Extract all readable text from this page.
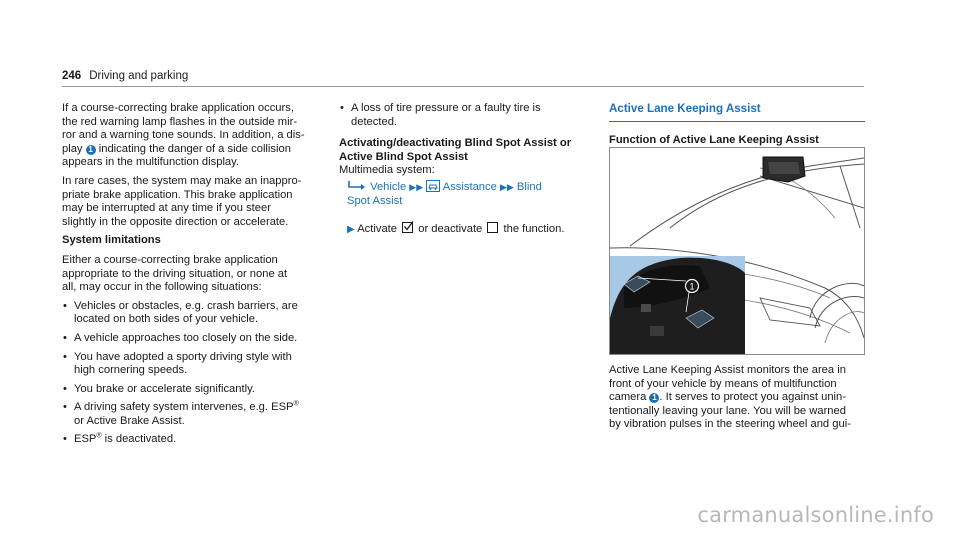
246 Driving and parking

If a course-correcting brake application occurs,
the red warning lamp flashes in the outside mir-
ror and a warning tone sounds. In addition, a dis-
play 1 indicating the danger of a side collision
appears in the multifunction display.

In rare cases, the system may make an inappro-
priate brake application. This brake application
may be interrupted at any time if you steer
slightly in the opposite direction or accelerate.

System limitations

Either a course-correcting brake application
appropriate to the driving situation, or none at
all, may occur in the following situations:

• Vehicles or obstacles, e.g. crash barriers, are
located on both sides of your vehicle.
• A vehicle approaches too closely on the side.
• You have adopted a sporty driving style with
high cornering speeds.
• You brake or accelerate significantly.
• A driving safety system intervenes, e.g. ESP®
or Active Brake Assist.
• ESP® is deactivated.
• A loss of tire pressure or a faulty tire is
detected.
Activating/deactivating Blind Spot Assist or
Active Blind Spot Assist

Multimedia system:

Vehicle ▶▶ Assistance ▶▶ Blind
Spot Assist

▶ Activate or deactivate the function.

Active Lane Keeping Assist
Function of Active Lane Keeping Assist
1
Active Lane Keeping Assist monitors the area in
front of your vehicle by means of multifunction
camera 1 . It serves to protect you against unin-
tentionally leaving your lane. You will be warned
by vibration pulses in the steering wheel and gui-
carmanualsonline.info
